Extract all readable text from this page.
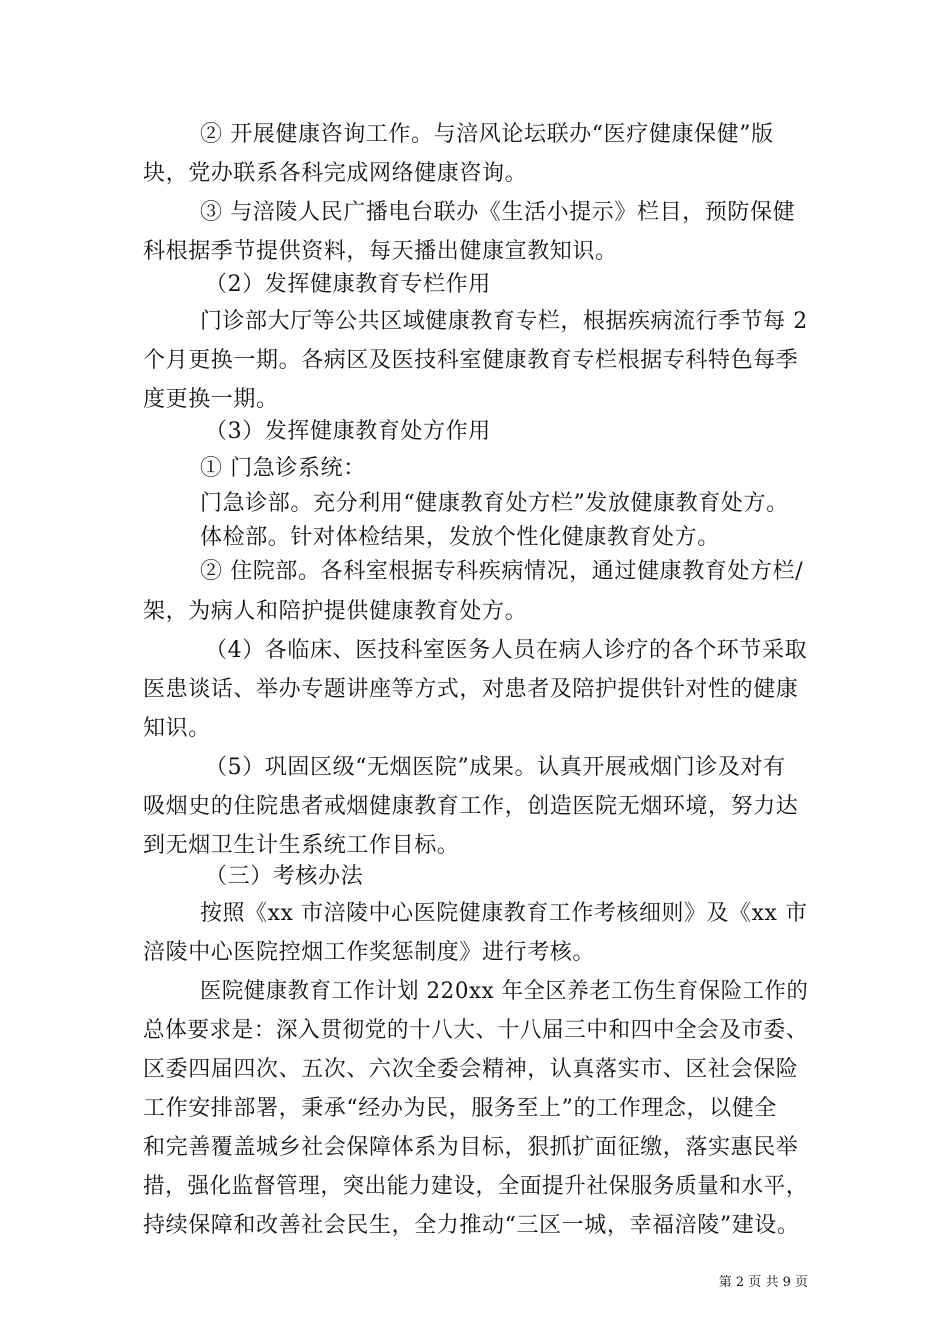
② 开展健康咨询工作。与涪风论坛联办“医疗健康保健”版
块，党办联系各科完成网络健康咨询。
③ 与涪陵人民广播电台联办《生活小提示》栏目，预防保健
科根据季节提供资料，每天播出健康宣教知识。
（2）发挥健康教育专栏作用
门诊部大厅等公共区域健康教育专栏，根据疾病流行季节每 2
个月更换一期。各病区及医技科室健康教育专栏根据专科特色每季
度更换一期。
（3）发挥健康教育处方作用
① 门急诊系统：
门急诊部。充分利用“健康教育处方栏”发放健康教育处方。
体检部。针对体检结果，发放个性化健康教育处方。
② 住院部。各科室根据专科疾病情况，通过健康教育处方栏/
架，为病人和陪护提供健康教育处方。
（4）各临床、医技科室医务人员在病人诊疗的各个环节采取
医患谈话、举办专题讲座等方式，对患者及陪护提供针对性的健康
知识。
（5）巩固区级“无烟医院”成果。认真开展戒烟门诊及对有
吸烟史的住院患者戒烟健康教育工作，创造医院无烟环境，努力达
到无烟卫生计生系统工作目标。
（三）考核办法
按照《xx 市涪陵中心医院健康教育工作考核细则》及《xx 市
涪陵中心医院控烟工作奖惩制度》进行考核。
医院健康教育工作计划 220xx 年全区养老工伤生育保险工作的
总体要求是：深入贯彻党的十八大、十八届三中和四中全会及市委、
区委四届四次、五次、六次全委会精神，认真落实市、区社会保险
工作安排部署，秉承“经办为民，服务至上”的工作理念，以健全
和完善覆盖城乡社会保障体系为目标，狠抓扩面征缴，落实惠民举
措，强化监督管理，突出能力建设，全面提升社保服务质量和水平，
持续保障和改善社会民生，全力推动“三区一城，幸福涪陵”建设。
第 2 页 共 9 页
